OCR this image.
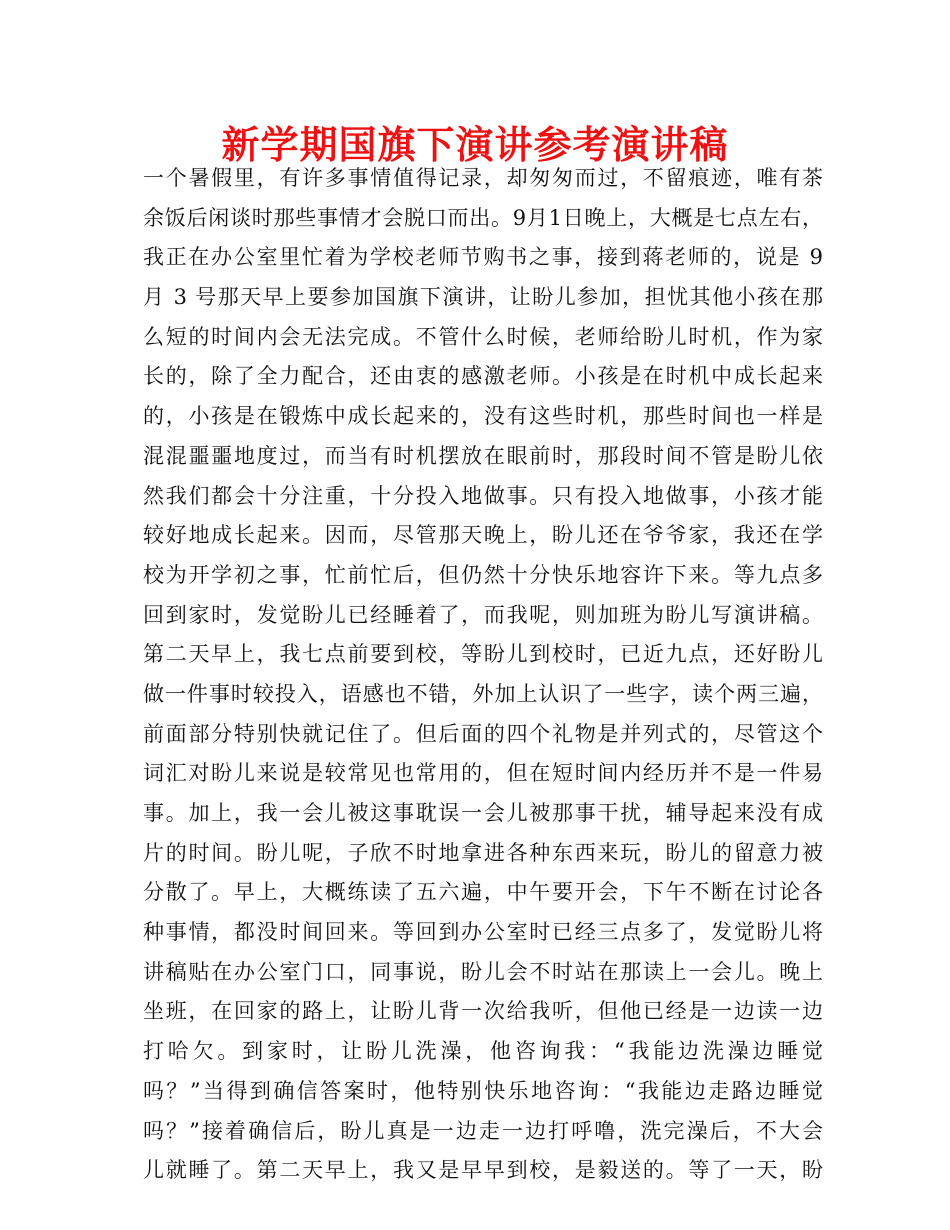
新学期国旗下演讲参考演讲稿
一个暑假里，有许多事情值得记录，却匆匆而过，不留痕迹，唯有茶
余饭后闲谈时那些事情才会脱口而出。9月1日晚上，大概是七点左右，
我正在办公室里忙着为学校老师节购书之事，接到蒋老师的，说是 9
月 3 号那天早上要参加国旗下演讲，让盼儿参加，担忧其他小孩在那
么短的时间内会无法完成。不管什么时候，老师给盼儿时机，作为家
长的，除了全力配合，还由衷的感激老师。小孩是在时机中成长起来
的，小孩是在锻炼中成长起来的，没有这些时机，那些时间也一样是
混混噩噩地度过，而当有时机摆放在眼前时，那段时间不管是盼儿依
然我们都会十分注重，十分投入地做事。只有投入地做事，小孩才能
较好地成长起来。因而，尽管那天晚上，盼儿还在爷爷家，我还在学
校为开学初之事，忙前忙后，但仍然十分快乐地容许下来。等九点多
回到家时，发觉盼儿已经睡着了，而我呢，则加班为盼儿写演讲稿。
第二天早上，我七点前要到校，等盼儿到校时，已近九点，还好盼儿
做一件事时较投入，语感也不错，外加上认识了一些字，读个两三遍，
前面部分特别快就记住了。但后面的四个礼物是并列式的，尽管这个
词汇对盼儿来说是较常见也常用的，但在短时间内经历并不是一件易
事。加上，我一会儿被这事耽误一会儿被那事干扰，辅导起来没有成
片的时间。盼儿呢，子欣不时地拿进各种东西来玩，盼儿的留意力被
分散了。早上，大概练读了五六遍，中午要开会，下午不断在讨论各
种事情，都没时间回来。等回到办公室时已经三点多了，发觉盼儿将
讲稿贴在办公室门口，同事说，盼儿会不时站在那读上一会儿。晚上
坐班，在回家的路上，让盼儿背一次给我听，但他已经是一边读一边
打哈欠。到家时，让盼儿洗澡，他咨询我：“我能边洗澡边睡觉
吗？”当得到确信答案时，他特别快乐地咨询：“我能边走路边睡觉
吗？”接着确信后，盼儿真是一边走一边打呼噜，洗完澡后，不大会
儿就睡了。第二天早上，我又是早早到校，是毅送的。等了一天，盼
